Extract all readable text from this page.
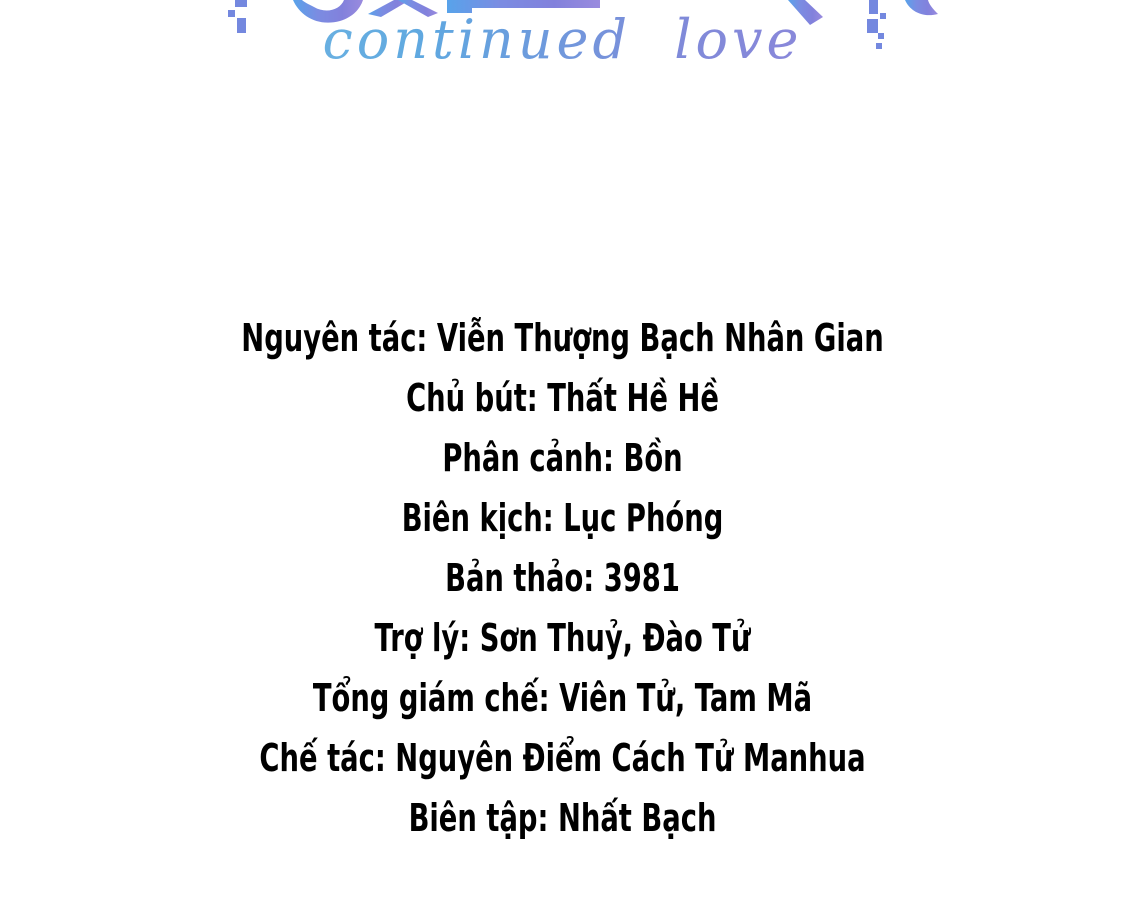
continued love
Nguyên tác: Viễn Thượng Bạch Nhân Gian
Chủ bút: Thất Hề Hề
Phân cảnh: Bồn
Biên kịch: Lục Phóng
Bản thảo: 3981
Trợ lý: Sơn Thuỷ, Đào Tử
Tổng giám chế: Viên Tử, Tam Mã
Chế tác: Nguyên Điểm Cách Tử Manhua
Biên tập: Nhất Bạch
